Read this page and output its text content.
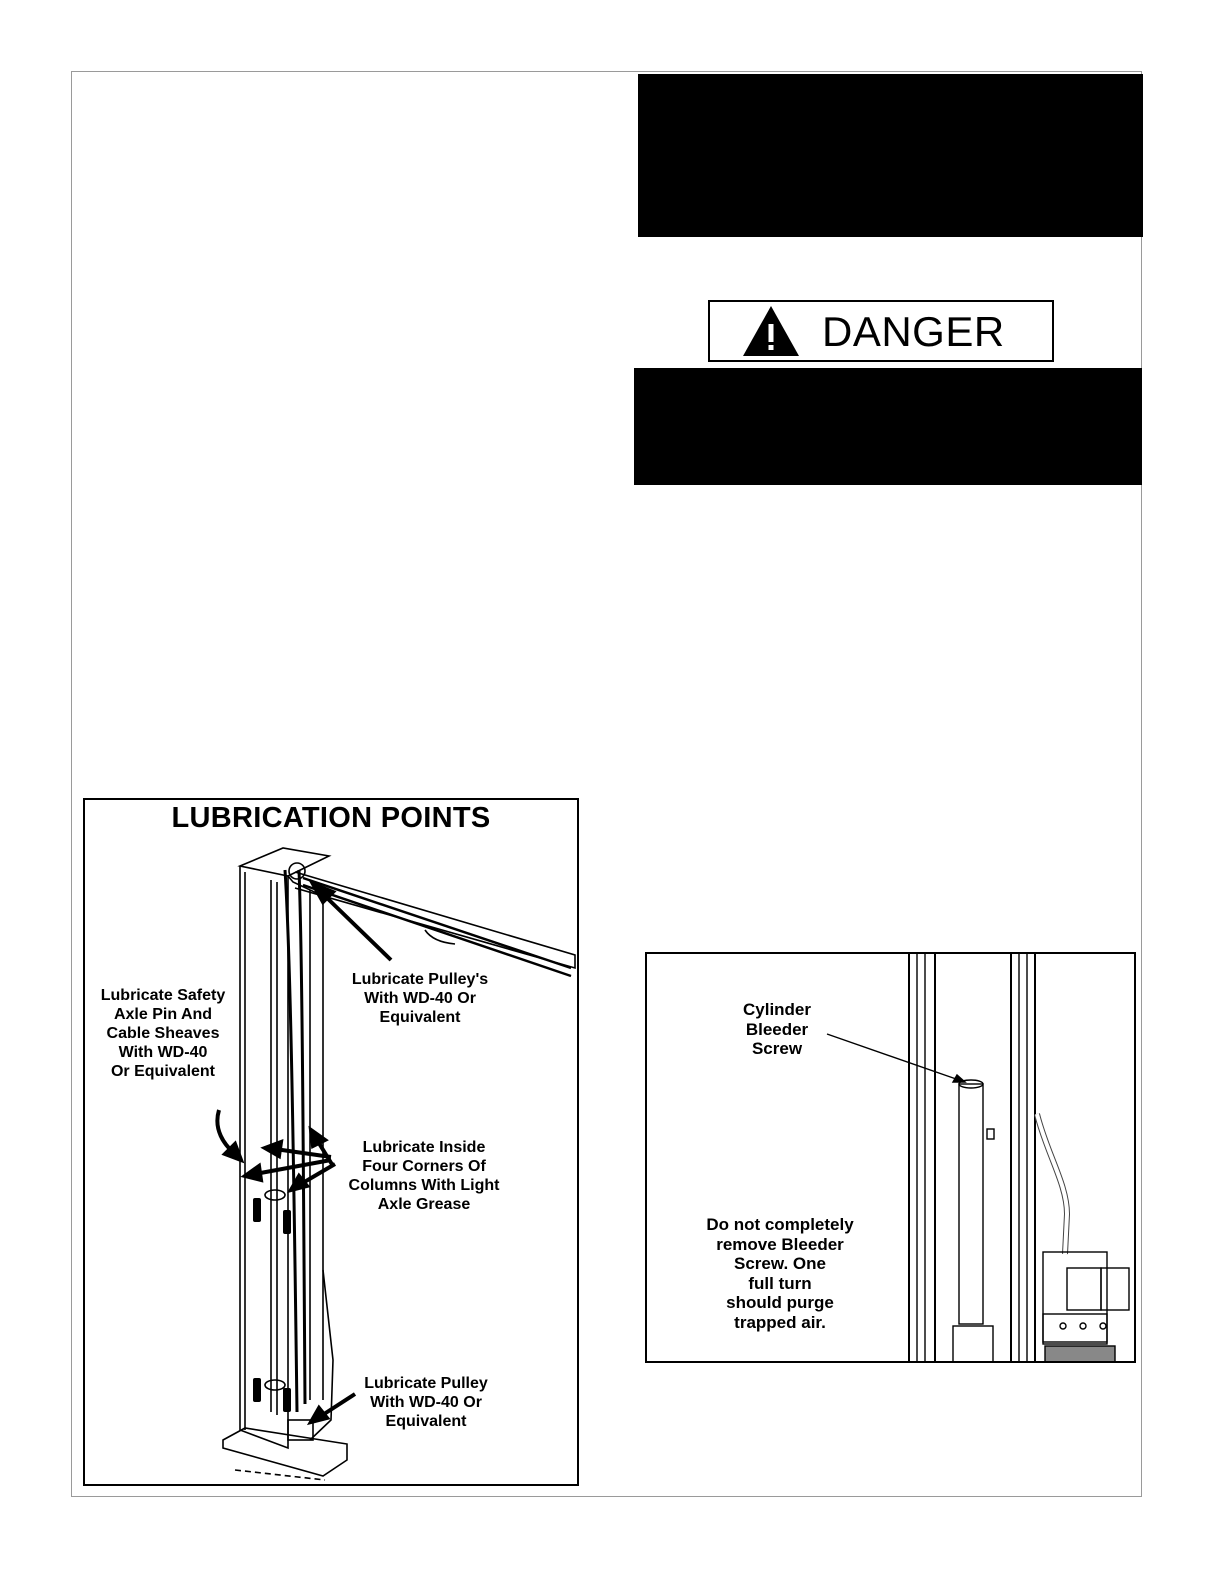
DANGER
LUBRICATION POINTS
Lubricate Safety
Axle Pin And
Cable Sheaves
With WD-40
Or Equivalent
Lubricate Pulley's
With WD-40 Or
Equivalent
Lubricate Inside
Four Corners Of
Columns With Light
Axle Grease
Lubricate Pulley
With WD-40 Or
Equivalent
Cylinder
Bleeder
Screw
Do not completely
remove Bleeder
Screw. One
full turn
should purge
trapped air.
